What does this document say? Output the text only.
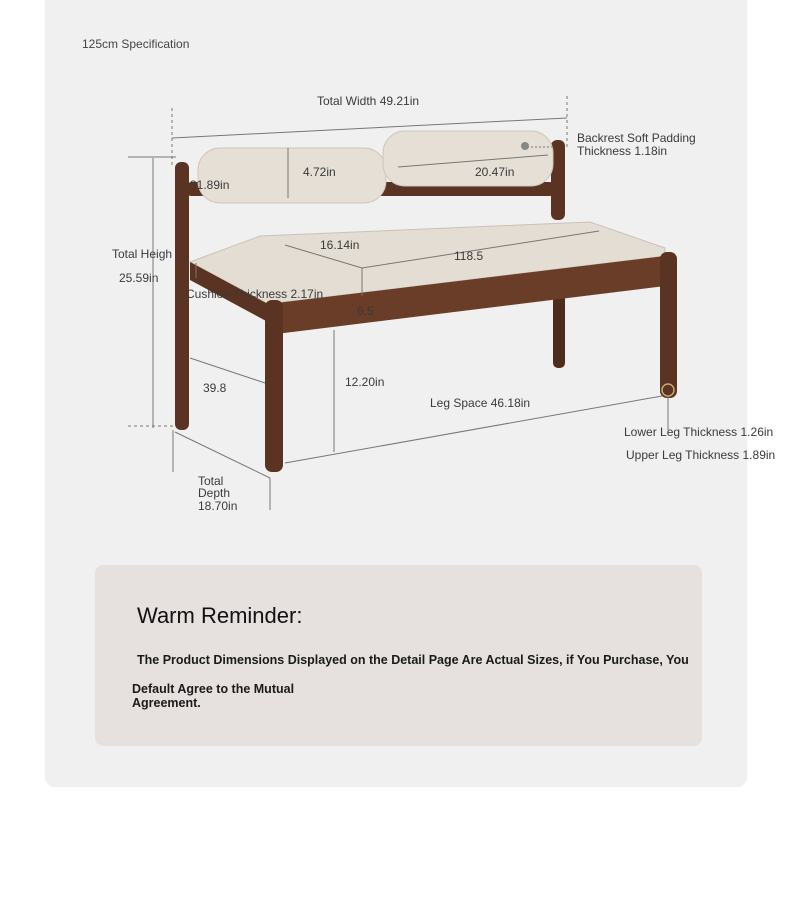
125cm Specification
Total Width 49.21in
Backrest Soft Padding
Thickness 1.18in
31.89in
4.72in	20.47in
Total Heigh
25.59in
16.14in
118.5
Cushion Thickness 2.17in
6.5
39.8	12.20in
Leg Space 46.18in
Lower Leg Thickness 1.26in
Upper Leg Thickness 1.89in
Total
Depth
18.70in
Warm Reminder:
The Product Dimensions Displayed on the Detail Page Are Actual Sizes, if You Purchase, You
Default Agree to the Mutual Agreement.
